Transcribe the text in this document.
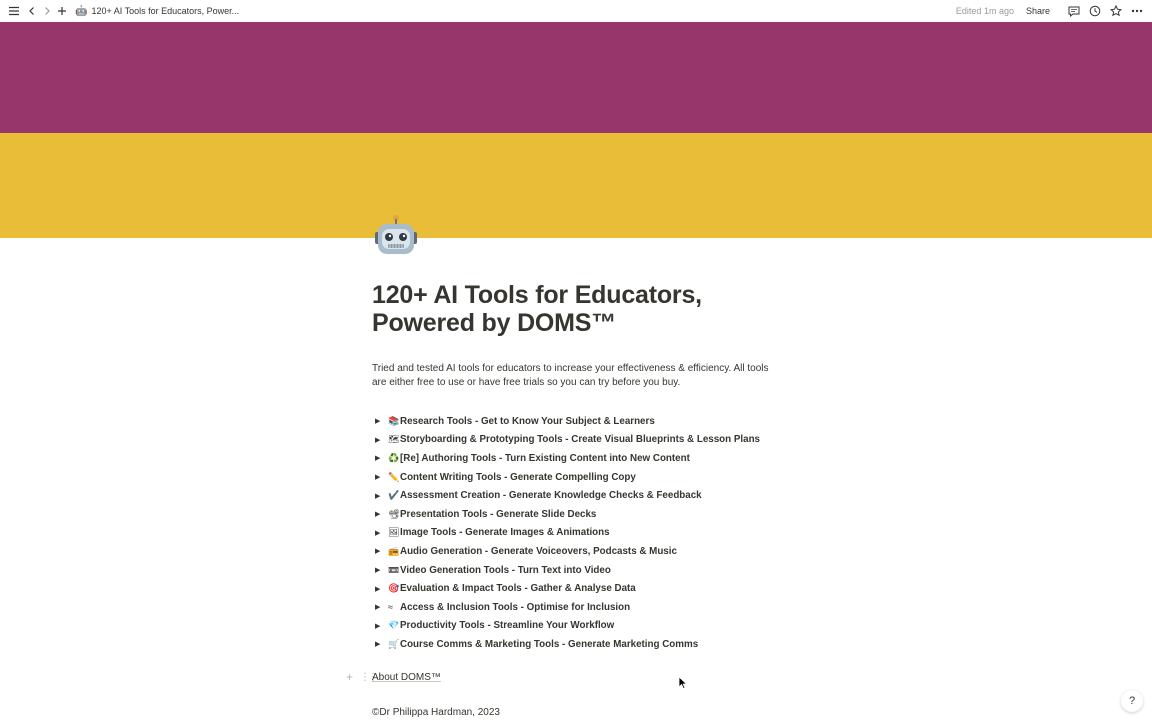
🤖 120+ AI Tools for Educators, Power...	Edited 1m ago Share
120+ AI Tools for Educators, Powered by DOMS™

Tried and tested AI tools for educators to increase your effectiveness & efficiency. All tools are either free to use or have free trials so you can try before you buy.

▶ 📚 Research Tools - Get to Know Your Subject & Learners
▶ 🗺 Storyboarding & Prototyping Tools - Create Visual Blueprints & Lesson Plans
▶ ♻️ [Re] Authoring Tools - Turn Existing Content into New Content
▶ ✏️ Content Writing Tools - Generate Compelling Copy
▶ ✔️ Assessment Creation - Generate Knowledge Checks & Feedback
▶ 📽 Presentation Tools - Generate Slide Decks
▶ 🖼 Image Tools - Generate Images & Animations
▶ 📻 Audio Generation - Generate Voiceovers, Podcasts & Music
▶ 📼 Video Generation Tools - Turn Text into Video
▶ 🎯 Evaluation & Impact Tools - Gather & Analyse Data
▶ ≈ Access & Inclusion Tools - Optimise for Inclusion
▶ 💎 Productivity Tools - Streamline Your Workflow
▶ 🛒 Course Comms & Marketing Tools - Generate Marketing Comms
+ ⋮⋮
About DOMS™
©Dr Philippa Hardman, 2023
?
